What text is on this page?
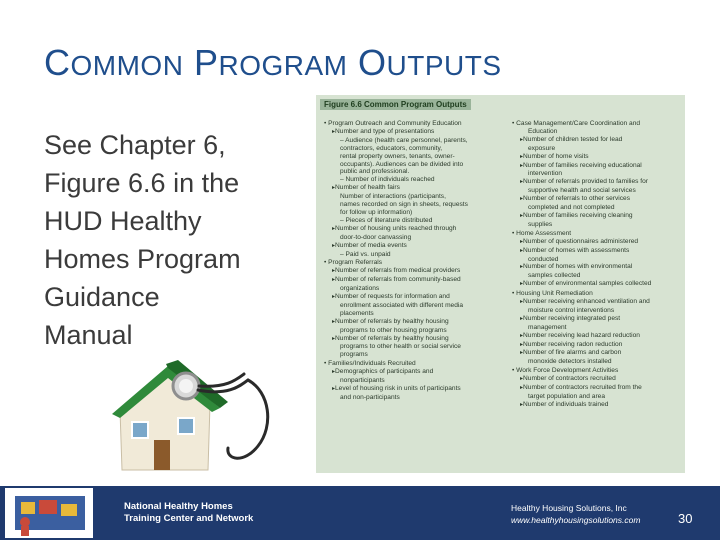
COMMON PROGRAM OUTPUTS
See Chapter 6,
Figure 6.6 in the
HUD Healthy
Homes Program
Guidance
Manual
Figure 6.6 Common Program Outputs
• Program Outreach and Community Education
▸ Number and type of presentations
– Audience (health care personnel, parents,
contractors, educators, community,
rental property owners, tenants, owner-
occupants). Audiences can be divided into
public and professional.
– Number of individuals reached
▸ Number of health fairs
Number of interactions (participants,
names recorded on sign in sheets, requests
for follow up information)
– Pieces of literature distributed
▸ Number of housing units reached through
door-to-door canvassing
▸ Number of media events
– Paid vs. unpaid
• Program Referrals
▸ Number of referrals from medical providers
▸ Number of referrals from community-based
organizations
▸ Number of requests for information and
enrollment associated with different media
placements
▸ Number of referrals by healthy housing
programs to other housing programs
▸ Number of referrals by healthy housing
programs to other health or social service
programs
• Families/Individuals Recruited
▸ Demographics of participants and
nonparticipants
▸ Level of housing risk in units of participants
and non-participants
• Case Management/Care Coordination and
Education
▸ Number of children tested for lead
exposure
▸ Number of home visits
▸ Number of families receiving educational
intervention
▸ Number of referrals provided to families for
supportive health and social services
▸ Number of referrals to other services
completed and not completed
▸ Number of families receiving cleaning
supplies
• Home Assessment
▸ Number of questionnaires administered
▸ Number of homes with assessments
conducted
▸ Number of homes with environmental
samples collected
▸ Number of environmental samples collected
• Housing Unit Remediation
▸ Number receiving enhanced ventilation and
moisture control interventions
▸ Number receiving integrated pest
management
▸ Number receiving lead hazard reduction
▸ Number receiving radon reduction
▸ Number of fire alarms and carbon
monoxide detectors installed
• Work Force Development Activities
▸ Number of contractors recruited
▸ Number of contractors recruited from the
target population and area
▸ Number of individuals trained
National Healthy Homes
Training Center and Network
Healthy Housing Solutions, Inc
www.healthyhousingsolutions.com	30
